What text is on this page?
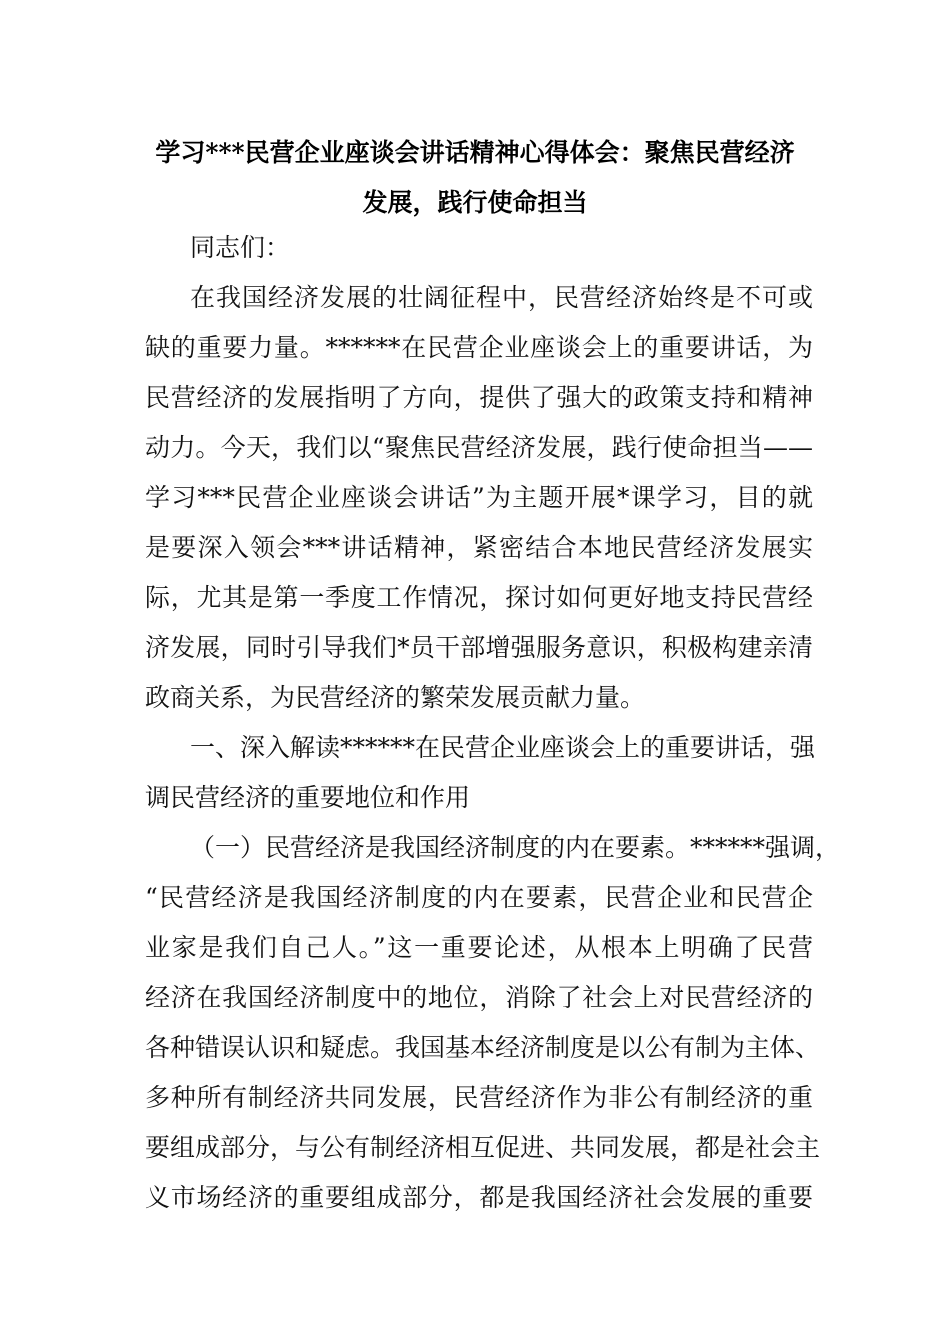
学习***民营企业座谈会讲话精神心得体会：聚焦民营经济
发展，践行使命担当
同志们：
在我国经济发展的壮阔征程中，民营经济始终是不可或
缺的重要力量。******在民营企业座谈会上的重要讲话，为
民营经济的发展指明了方向，提供了强大的政策支持和精神
动力。今天，我们以“聚焦民营经济发展，践行使命担当——
学习***民营企业座谈会讲话”为主题开展*课学习，目的就
是要深入领会***讲话精神，紧密结合本地民营经济发展实
际，尤其是第一季度工作情况，探讨如何更好地支持民营经
济发展，同时引导我们*员干部增强服务意识，积极构建亲清
政商关系，为民营经济的繁荣发展贡献力量。
一、深入解读******在民营企业座谈会上的重要讲话，强
调民营经济的重要地位和作用
（一）民营经济是我国经济制度的内在要素。******强调，
“民营经济是我国经济制度的内在要素，民营企业和民营企
业家是我们自己人。”这一重要论述，从根本上明确了民营
经济在我国经济制度中的地位，消除了社会上对民营经济的
各种错误认识和疑虑。我国基本经济制度是以公有制为主体、
多种所有制经济共同发展，民营经济作为非公有制经济的重
要组成部分，与公有制经济相互促进、共同发展，都是社会主
义市场经济的重要组成部分，都是我国经济社会发展的重要
